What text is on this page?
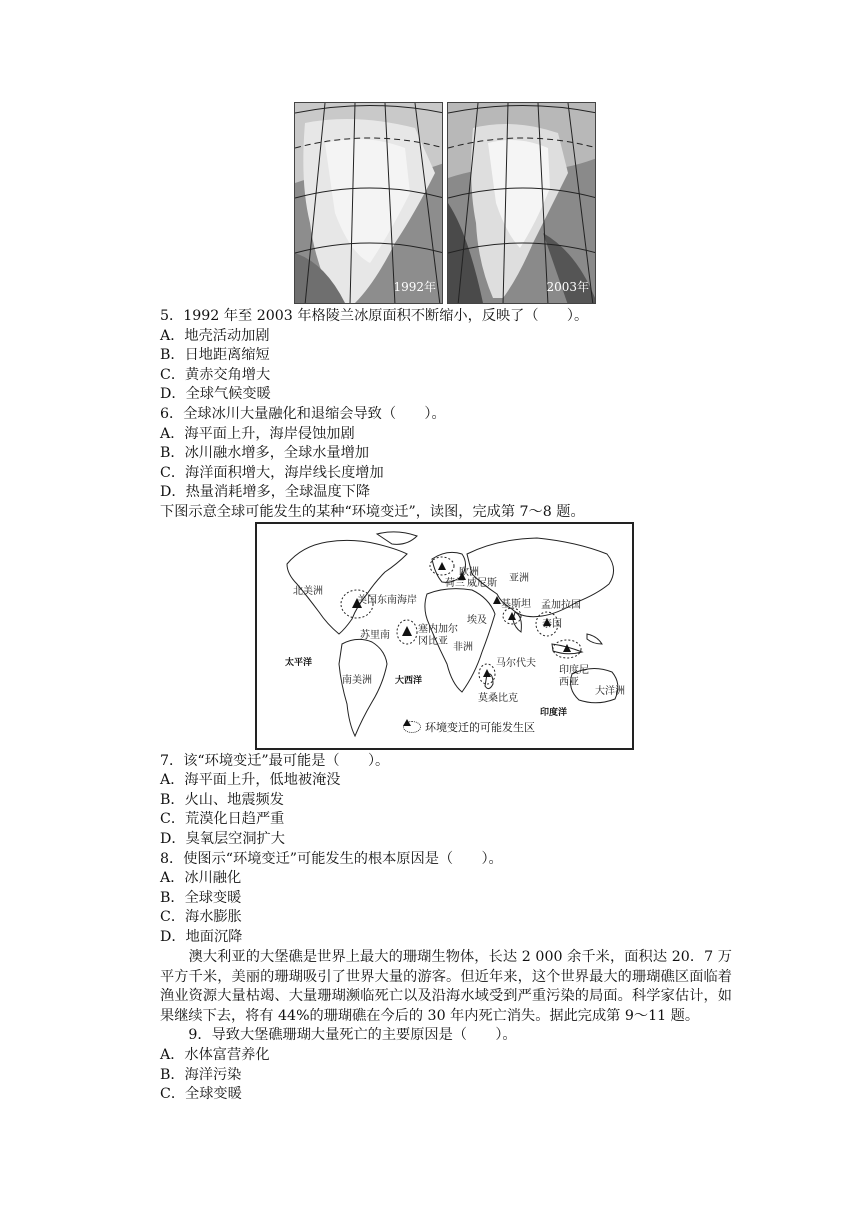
1992年	2003年
5．1992 年至 2003 年格陵兰冰原面积不断缩小，反映了（　　）。
A．地壳活动加剧
B．日地距离缩短
C．黄赤交角增大
D．全球气候变暖
6．全球冰川大量融化和退缩会导致（　　）。
A．海平面上升，海岸侵蚀加剧
B．冰川融水增多，全球水量增加
C．海洋面积增大，海岸线长度增加
D．热量消耗增多，全球温度下降
下图示意全球可能发生的某种“环境变迁”，读图，完成第 7～8 题。
北美洲
美国东南海岸
欧洲
荷兰 威尼斯 亚洲
基斯坦 孟加拉国
埃及
塞内加尔
冈比亚
泰国
苏里南
非洲
马尔代夫
印度尼
西亚
太平洋
南美洲	大西洋
大洋洲
莫桑比克
印度洋
环境变迁的可能发生区
7．该“环境变迁”最可能是（　　）。
A．海平面上升，低地被淹没
B．火山、地震频发
C．荒漠化日趋严重
D．臭氧层空洞扩大
8．使图示“环境变迁”可能发生的根本原因是（　　）。
A．冰川融化
B．全球变暖
C．海水膨胀
D．地面沉降
　　澳大利亚的大堡礁是世界上最大的珊瑚生物体，长达 2 000 余千米，面积达 20．7 万平方千米，美丽的珊瑚吸引了世界大量的游客。但近年来，这个世界最大的珊瑚礁区面临着渔业资源大量枯竭、大量珊瑚濒临死亡以及沿海水域受到严重污染的局面。科学家估计，如果继续下去，将有 44%的珊瑚礁在今后的 30 年内死亡消失。据此完成第 9～11 题。
　　9．导致大堡礁珊瑚大量死亡的主要原因是（　　）。
A．水体富营养化
B．海洋污染
C．全球变暖
